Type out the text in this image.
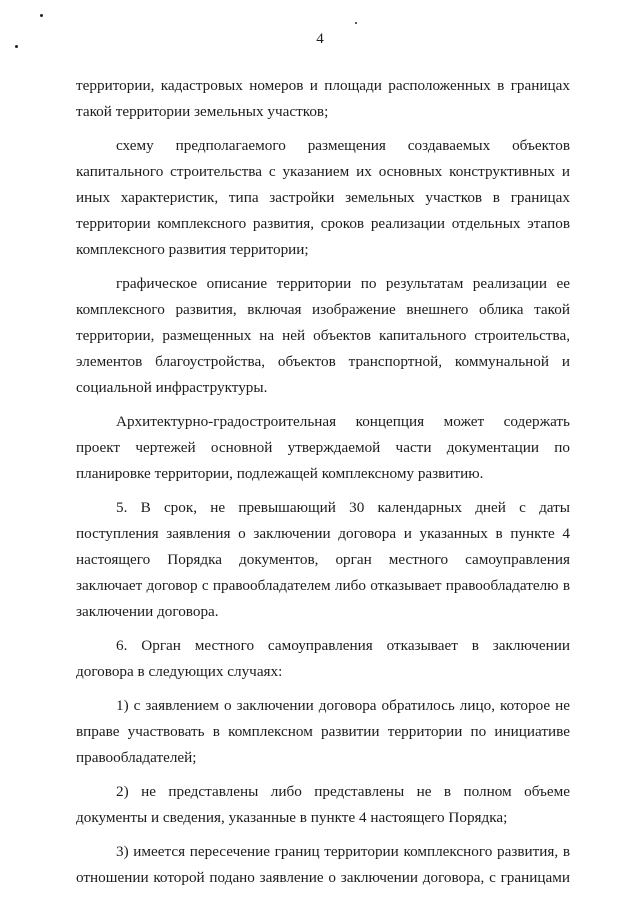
4

территории, кадастровых номеров и площади расположенных в границах такой территории земельных участков;

схему предполагаемого размещения создаваемых объектов капитального строительства с указанием их основных конструктивных и иных характеристик, типа застройки земельных участков в границах территории комплексного развития, сроков реализации отдельных этапов комплексного развития территории;

графическое описание территории по результатам реализации ее комплексного развития, включая изображение внешнего облика такой территории, размещенных на ней объектов капитального строительства, элементов благоустройства, объектов транспортной, коммунальной и социальной инфраструктуры.

Архитектурно-градостроительная концепция может содержать проект чертежей основной утверждаемой части документации по планировке территории, подлежащей комплексному развитию.

5. В срок, не превышающий 30 календарных дней с даты поступления заявления о заключении договора и указанных в пункте 4 настоящего Порядка документов, орган местного самоуправления заключает договор с правообладателем либо отказывает правообладателю в заключении договора.

6. Орган местного самоуправления отказывает в заключении договора в следующих случаях:

1) с заявлением о заключении договора обратилось лицо, которое не вправе участвовать в комплексном развитии территории по инициативе правообладателей;

2) не представлены либо представлены не в полном объеме документы и сведения, указанные в пункте 4 настоящего Порядка;

3) имеется пересечение границ территории комплексного развития, в отношении которой подано заявление о заключении договора, с границами
